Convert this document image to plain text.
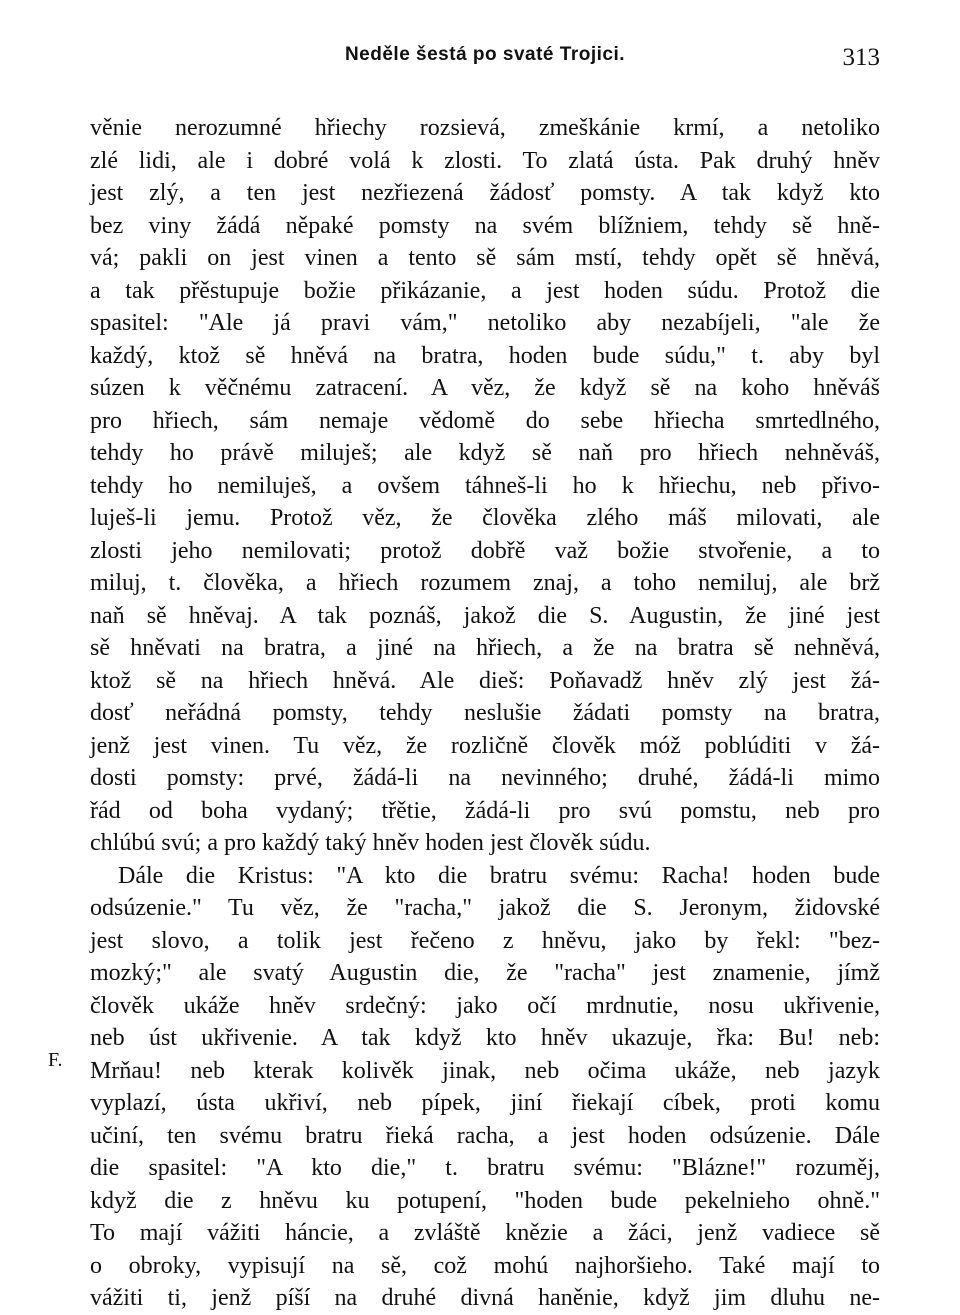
Neděle šestá po svaté Trojici.	313
F.
věnie nerozumné hřiechy rozsievá, zmeškánie krmí, a netoliko
zlé lidi, ale i dobré volá k zlosti. To zlatá ústa. Pak druhý hněv
jest zlý, a ten jest nezřiezená žádosť pomsty. A tak když kto
bez viny žádá něpaké pomsty na svém blížniem, tehdy sě hně-
vá; pakli on jest vinen a tento sě sám mstí, tehdy opět sě hněvá,
a tak přěstupuje božie přikázanie, a jest hoden súdu. Protož die
spasitel: "Ale já pravi vám," netoliko aby nezabíjeli, "ale že
každý, ktož sě hněvá na bratra, hoden bude súdu," t. aby byl
súzen k věčnému zatracení. A věz, že když sě na koho hněváš
pro hřiech, sám nemaje vědomě do sebe hřiecha smrtedlného,
tehdy ho právě miluješ; ale když sě naň pro hřiech nehněváš,
tehdy ho nemiluješ, a ovšem táhneš-li ho k hřiechu, neb přivo-
luješ-li jemu. Protož věz, že člověka zlého máš milovati, ale
zlosti jeho nemilovati; protož dobřě važ božie stvořenie, a to
miluj, t. člověka, a hřiech rozumem znaj, a toho nemiluj, ale brž
naň sě hněvaj. A tak poznáš, jakož die S. Augustin, že jiné jest
sě hněvati na bratra, a jiné na hřiech, a že na bratra sě nehněvá,
ktož sě na hřiech hněvá. Ale dieš: Poňavadž hněv zlý jest žá-
dosť neřádná pomsty, tehdy neslušie žádati pomsty na bratra,
jenž jest vinen. Tu věz, že rozličně člověk móž poblúditi v žá-
dosti pomsty: prvé, žádá-li na nevinného; druhé, žádá-li mimo
řád od boha vydaný; třětie, žádá-li pro svú pomstu, neb pro
chlúbú svú; a pro každý taký hněv hoden jest člověk súdu.
Dále die Kristus: "A kto die bratru svému: Racha! hoden bude
odsúzenie." Tu věz, že "racha," jakož die S. Jeronym, židovské
jest slovo, a tolik jest řečeno z hněvu, jako by řekl: "bez-
mozký;" ale svatý Augustin die, že "racha" jest znamenie, jímž
člověk ukáže hněv srdečný: jako očí mrdnutie, nosu ukřivenie,
neb úst ukřivenie. A tak když kto hněv ukazuje, řka: Bu! neb:
Mrňau! neb kterak kolivěk jinak, neb očima ukáže, neb jazyk
vyplazí, ústa ukřiví, neb pípek, jiní řiekají cíbek, proti komu
učiní, ten svému bratru řieká racha, a jest hoden odsúzenie. Dále
die spasitel: "A kto die," t. bratru svému: "Blázne!" rozuměj,
když die z hněvu ku potupení, "hoden bude pekelnieho ohně."
To mají vážiti háncie, a zvláště knězie a žáci, jenž vadiece sě
o obroky, vypisují na sě, což mohú najhoršieho. Také mají to
vážiti ti, jenž píší na druhé divná haněnie, když jim dluhu ne-
